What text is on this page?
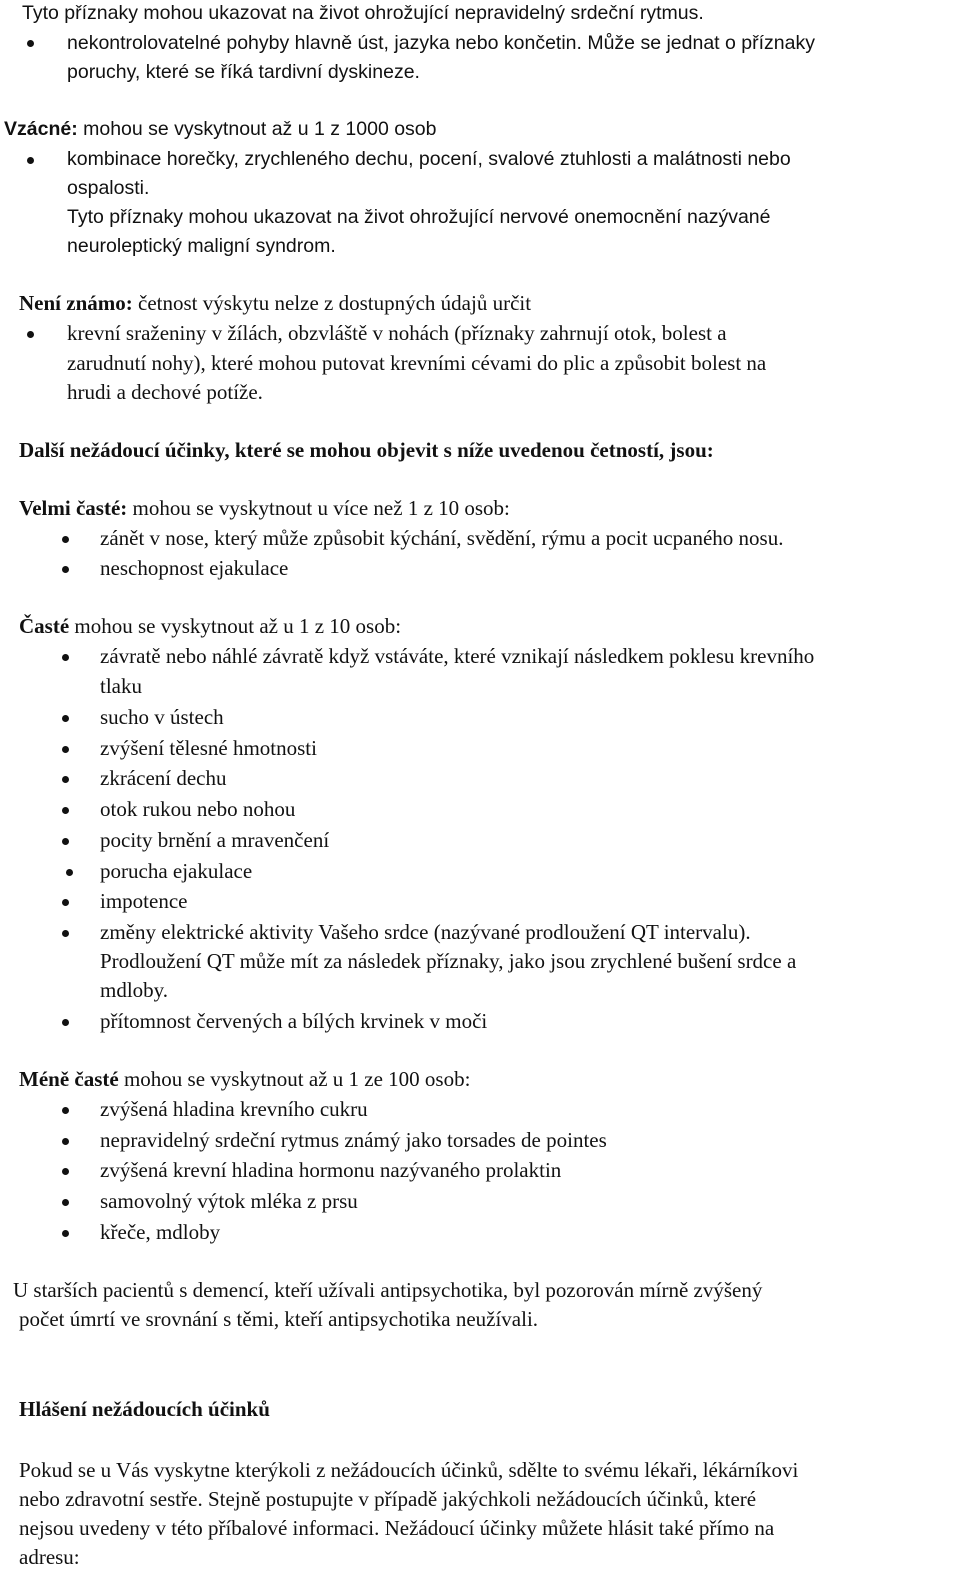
Tyto příznaky mohou ukazovat na život ohrožující nepravidelný srdeční rytmus.
nekontrolovatelné pohyby hlavně úst, jazyka nebo končetin. Může se jednat o příznaky
poruchy, které se říká tardivní dyskineze.
Vzácné: mohou se vyskytnout až u 1 z 1000 osob
kombinace horečky, zrychleného dechu, pocení, svalové ztuhlosti a malátnosti nebo
ospalosti.
Tyto příznaky mohou ukazovat na život ohrožující nervové onemocnění nazývané
neuroleptický maligní syndrom.
Není známo: četnost výskytu nelze z dostupných údajů určit
krevní sraženiny v žílách, obzvláště v nohách (příznaky zahrnují otok, bolest a
zarudnutí nohy), které mohou putovat krevními cévami do plic a způsobit bolest na
hrudi a dechové potíže.
Další nežádoucí účinky, které se mohou objevit s níže uvedenou četností, jsou:
Velmi časté: mohou se vyskytnout u více než 1 z 10 osob:
zánět v nose, který může způsobit kýchání, svědění, rýmu a pocit ucpaného nosu.
neschopnost ejakulace
Časté mohou se vyskytnout až u 1 z 10 osob:
závratě nebo náhlé závratě když vstáváte, které vznikají následkem poklesu krevního
tlaku
sucho v ústech
zvýšení tělesné hmotnosti
zkrácení dechu
otok rukou nebo nohou
pocity brnění a mravenčení
porucha ejakulace
impotence
změny elektrické aktivity Vašeho srdce (nazývané prodloužení QT intervalu).
Prodloužení QT může mít za následek příznaky, jako jsou zrychlené bušení srdce a
mdloby.
přítomnost červených a bílých krvinek v moči
Méně časté mohou se vyskytnout až u 1 ze 100 osob:
zvýšená hladina krevního cukru
nepravidelný srdeční rytmus známý jako torsades de pointes
zvýšená krevní hladina hormonu nazývaného prolaktin
samovolný výtok mléka z prsu
křeče, mdloby
U starších pacientů s demencí, kteří užívali antipsychotika, byl pozorován mírně zvýšený
počet úmrtí ve srovnání s těmi, kteří antipsychotika neužívali.
Hlášení nežádoucích účinků
Pokud se u Vás vyskytne kterýkoli z nežádoucích účinků, sdělte to svému lékaři, lékárníkovi
nebo zdravotní sestře. Stejně postupujte v případě jakýchkoli nežádoucích účinků, které
nejsou uvedeny v této příbalové informaci. Nežádoucí účinky můžete hlásit také přímo na
adresu:
